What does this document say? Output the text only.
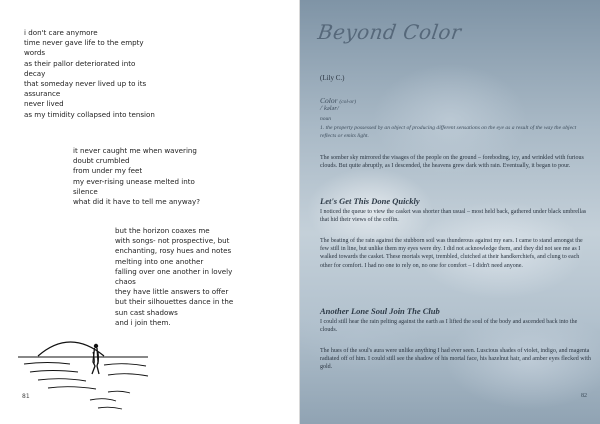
i don't care anymore
time never gave life to the empty
words
as their pallor deteriorated into
decay
that someday never lived up to its
assurance
never lived
as my timidity collapsed into tension
it never caught me when wavering
doubt crumbled
from under my feet
my ever-rising unease melted into
silence
what did it have to tell me anyway?
but the horizon coaxes me
with songs- not prospective, but
enchanting, rosy hues and notes
melting into one another
falling over one another in lovely
chaos
they have little answers to offer
but their silhouettes dance in the
sun cast shadows
and i join them.
81
Beyond Color
(Lily C.)
Color (col·or)
/ˈkələr/
noun
1. the property possessed by an object of producing different sensations on the eye as a result of the way the object reflects or emits light.
The somber sky mirrored the visages of the people on the ground – foreboding, icy, and wrinkled with furious clouds. But quite abruptly, as I descended, the heavens grew dark with rain. Eventually, it began to pour.
Let's Get This Done Quickly
I noticed the queue to view the casket was shorter than usual – most held back, gathered under black umbrellas that hid their views of the coffin.
The beating of the rain against the stubborn soil was thunderous against my ears. I came to stand amongst the few still in line, but unlike them my eyes were dry. I did not acknowledge them, and they did not see me as I walked towards the casket. These mortals wept, trembled, clutched at their handkerchiefs, and clung to each other for comfort. I had no one to rely on, no one for comfort – I didn't need anyone.
Another Lone Soul Join The Club
I could still hear the rain pelting against the earth as I lifted the soul of the body and ascended back into the clouds.
The hues of the soul's aura were unlike anything I had ever seen. Luscious shades of violet, indigo, and magenta radiated off of him. I could still see the shadow of his mortal face, his hazelnut hair, and amber eyes flecked with gold.
82
